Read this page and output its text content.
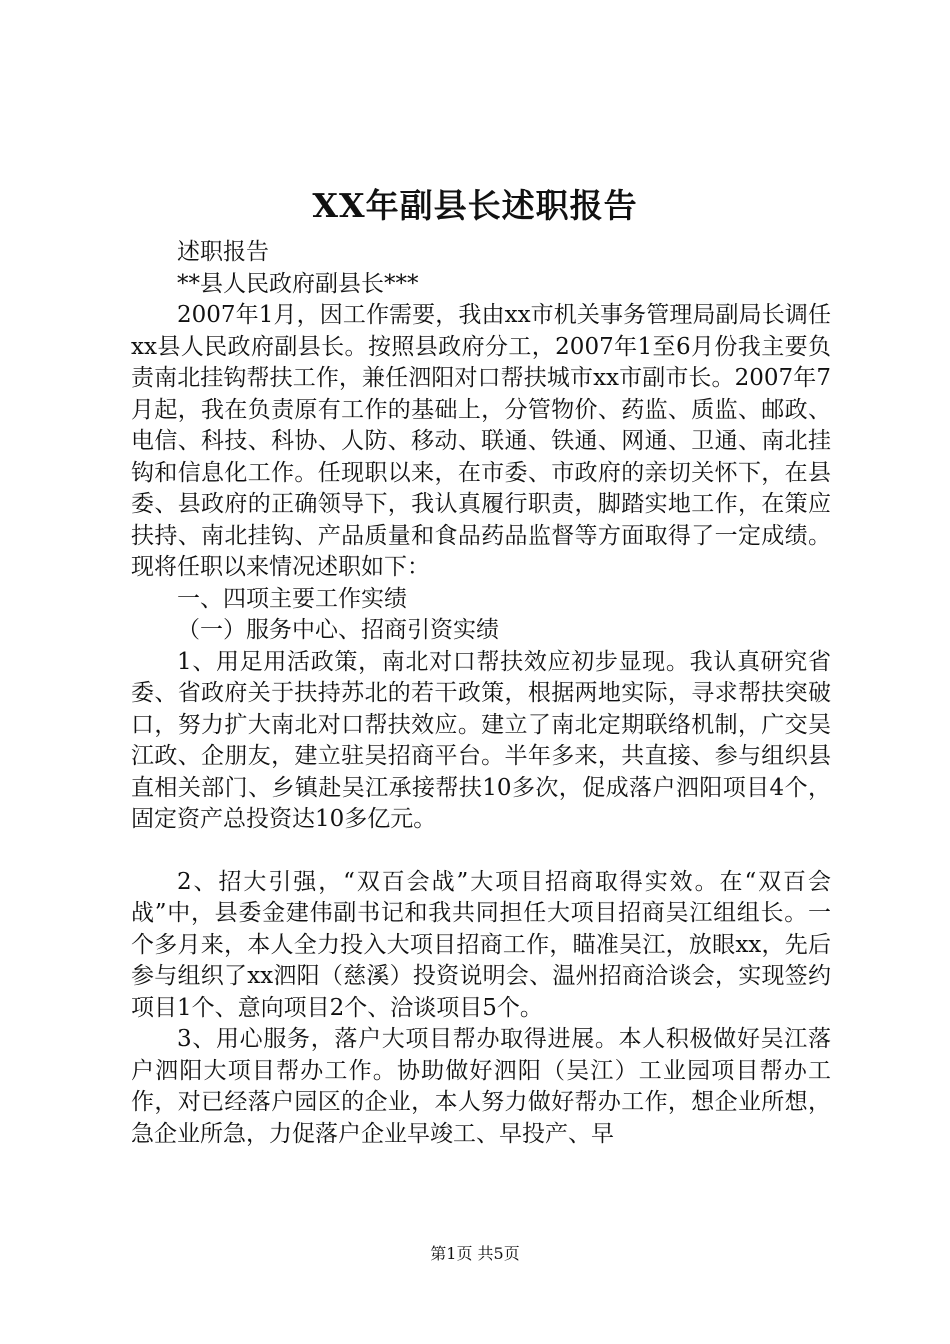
XX年副县长述职报告

述职报告

**县人民政府副县长***

2007年1月，因工作需要，我由xx市机关事务管理局副局长调任xx县人民政府副县长。按照县政府分工，2007年1至6月份我主要负责南北挂钩帮扶工作，兼任泗阳对口帮扶城市xx市副市长。2007年7月起，我在负责原有工作的基础上，分管物价、药监、质监、邮政、电信、科技、科协、人防、移动、联通、铁通、网通、卫通、南北挂钩和信息化工作。任现职以来，在市委、市政府的亲切关怀下，在县委、县政府的正确领导下，我认真履行职责，脚踏实地工作，在策应扶持、南北挂钩、产品质量和食品药品监督等方面取得了一定成绩。现将任职以来情况述职如下：

一、四项主要工作实绩

（一）服务中心、招商引资实绩

1、用足用活政策，南北对口帮扶效应初步显现。我认真研究省委、省政府关于扶持苏北的若干政策，根据两地实际，寻求帮扶突破口，努力扩大南北对口帮扶效应。建立了南北定期联络机制，广交吴江政、企朋友，建立驻吴招商平台。半年多来，共直接、参与组织县直相关部门、乡镇赴吴江承接帮扶10多次，促成落户泗阳项目4个，固定资产总投资达10多亿元。

2、招大引强，“双百会战”大项目招商取得实效。在“双百会战”中，县委金建伟副书记和我共同担任大项目招商吴江组组长。一个多月来，本人全力投入大项目招商工作，瞄准吴江，放眼xx，先后参与组织了xx泗阳（慈溪）投资说明会、温州招商洽谈会，实现签约项目1个、意向项目2个、洽谈项目5个。

3、用心服务，落户大项目帮办取得进展。本人积极做好吴江落户泗阳大项目帮办工作。协助做好泗阳（吴江）工业园项目帮办工作，对已经落户园区的企业，本人努力做好帮办工作，想企业所想，急企业所急，力促落户企业早竣工、早投产、早

第1页 共5页
